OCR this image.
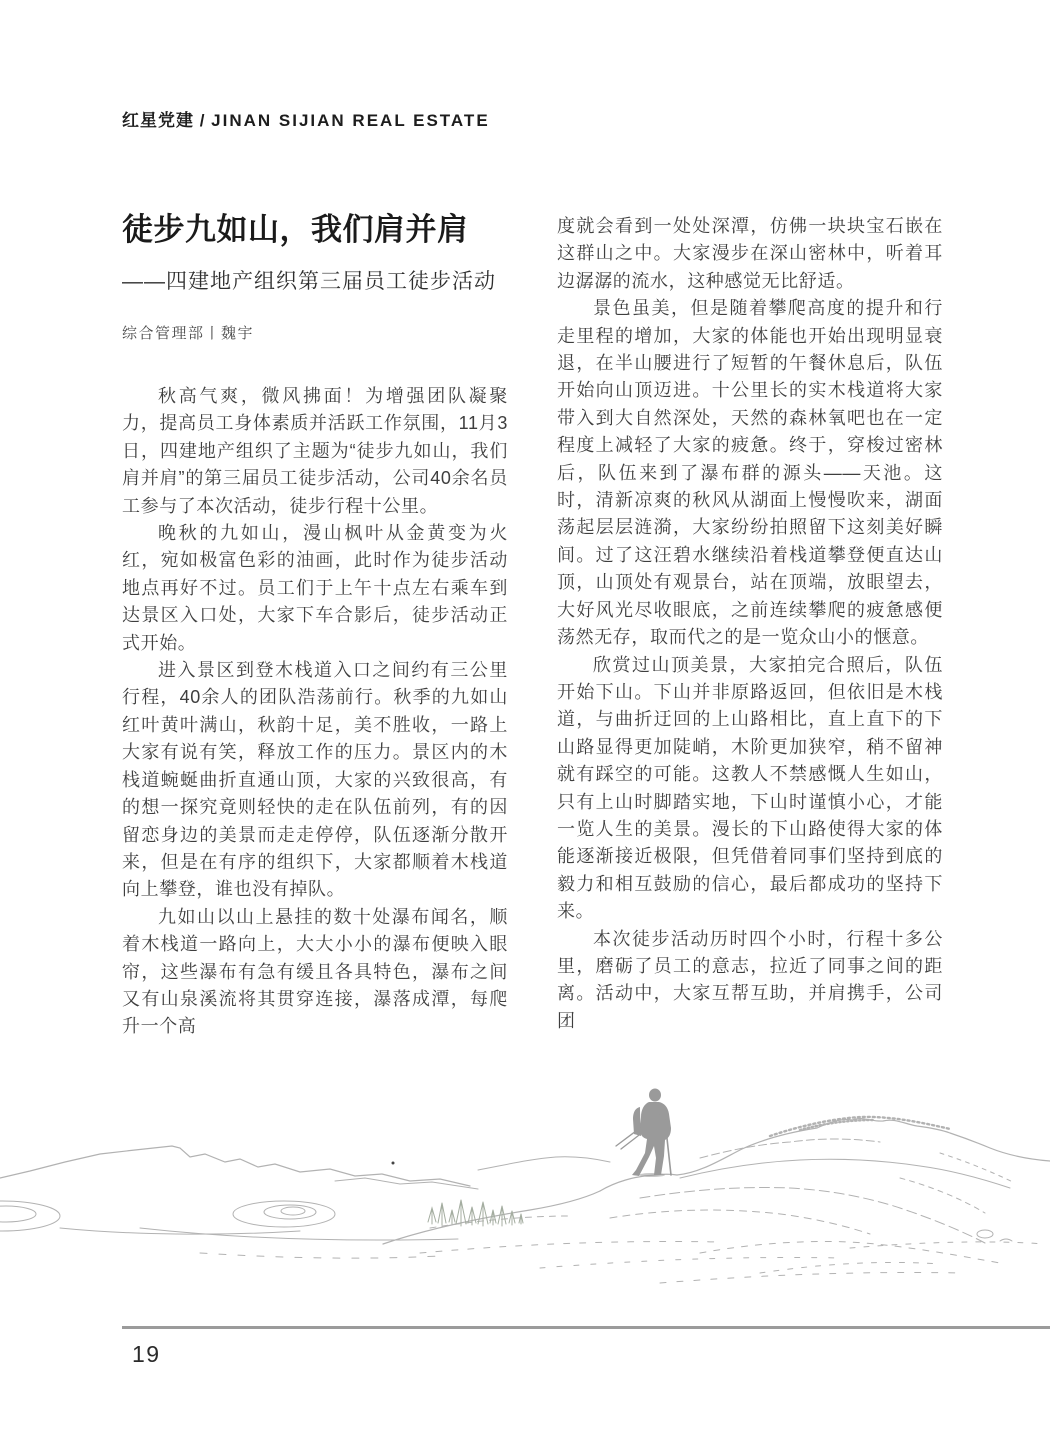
红星党建 / JINAN SIJIAN REAL ESTATE
徒步九如山，我们肩并肩
——四建地产组织第三届员工徒步活动
综合管理部丨魏宇

秋高气爽，微风拂面！为增强团队凝聚力，提高员工身体素质并活跃工作氛围，11月3日，四建地产组织了主题为“徒步九如山，我们肩并肩”的第三届员工徒步活动，公司40余名员工参与了本次活动，徒步行程十公里。

晚秋的九如山，漫山枫叶从金黄变为火红，宛如极富色彩的油画，此时作为徒步活动地点再好不过。员工们于上午十点左右乘车到达景区入口处，大家下车合影后，徒步活动正式开始。

进入景区到登木栈道入口之间约有三公里行程，40余人的团队浩荡前行。秋季的九如山红叶黄叶满山，秋韵十足，美不胜收，一路上大家有说有笑，释放工作的压力。景区内的木栈道蜿蜒曲折直通山顶，大家的兴致很高，有的想一探究竟则轻快的走在队伍前列，有的因留恋身边的美景而走走停停，队伍逐渐分散开来，但是在有序的组织下，大家都顺着木栈道向上攀登，谁也没有掉队。

九如山以山上悬挂的数十处瀑布闻名，顺着木栈道一路向上，大大小小的瀑布便映入眼帘，这些瀑布有急有缓且各具特色，瀑布之间又有山泉溪流将其贯穿连接，瀑落成潭，每爬升一个高

度就会看到一处处深潭，仿佛一块块宝石嵌在这群山之中。大家漫步在深山密林中，听着耳边潺潺的流水，这种感觉无比舒适。

景色虽美，但是随着攀爬高度的提升和行走里程的增加，大家的体能也开始出现明显衰退，在半山腰进行了短暂的午餐休息后，队伍开始向山顶迈进。十公里长的实木栈道将大家带入到大自然深处，天然的森林氧吧也在一定程度上减轻了大家的疲惫。终于，穿梭过密林后，队伍来到了瀑布群的源头——天池。这时，清新凉爽的秋风从湖面上慢慢吹来，湖面荡起层层涟漪，大家纷纷拍照留下这刻美好瞬间。过了这汪碧水继续沿着栈道攀登便直达山顶，山顶处有观景台，站在顶端，放眼望去，大好风光尽收眼底，之前连续攀爬的疲惫感便荡然无存，取而代之的是一览众山小的惬意。

欣赏过山顶美景，大家拍完合照后，队伍开始下山。下山并非原路返回，但依旧是木栈道，与曲折迂回的上山路相比，直上直下的下山路显得更加陡峭，木阶更加狭窄，稍不留神就有踩空的可能。这教人不禁感慨人生如山，只有上山时脚踏实地，下山时谨慎小心，才能一览人生的美景。漫长的下山路使得大家的体能逐渐接近极限，但凭借着同事们坚持到底的毅力和相互鼓励的信心，最后都成功的坚持下来。

本次徒步活动历时四个小时，行程十多公里，磨砺了员工的意志，拉近了同事之间的距离。活动中，大家互帮互助，并肩携手，公司团

19
